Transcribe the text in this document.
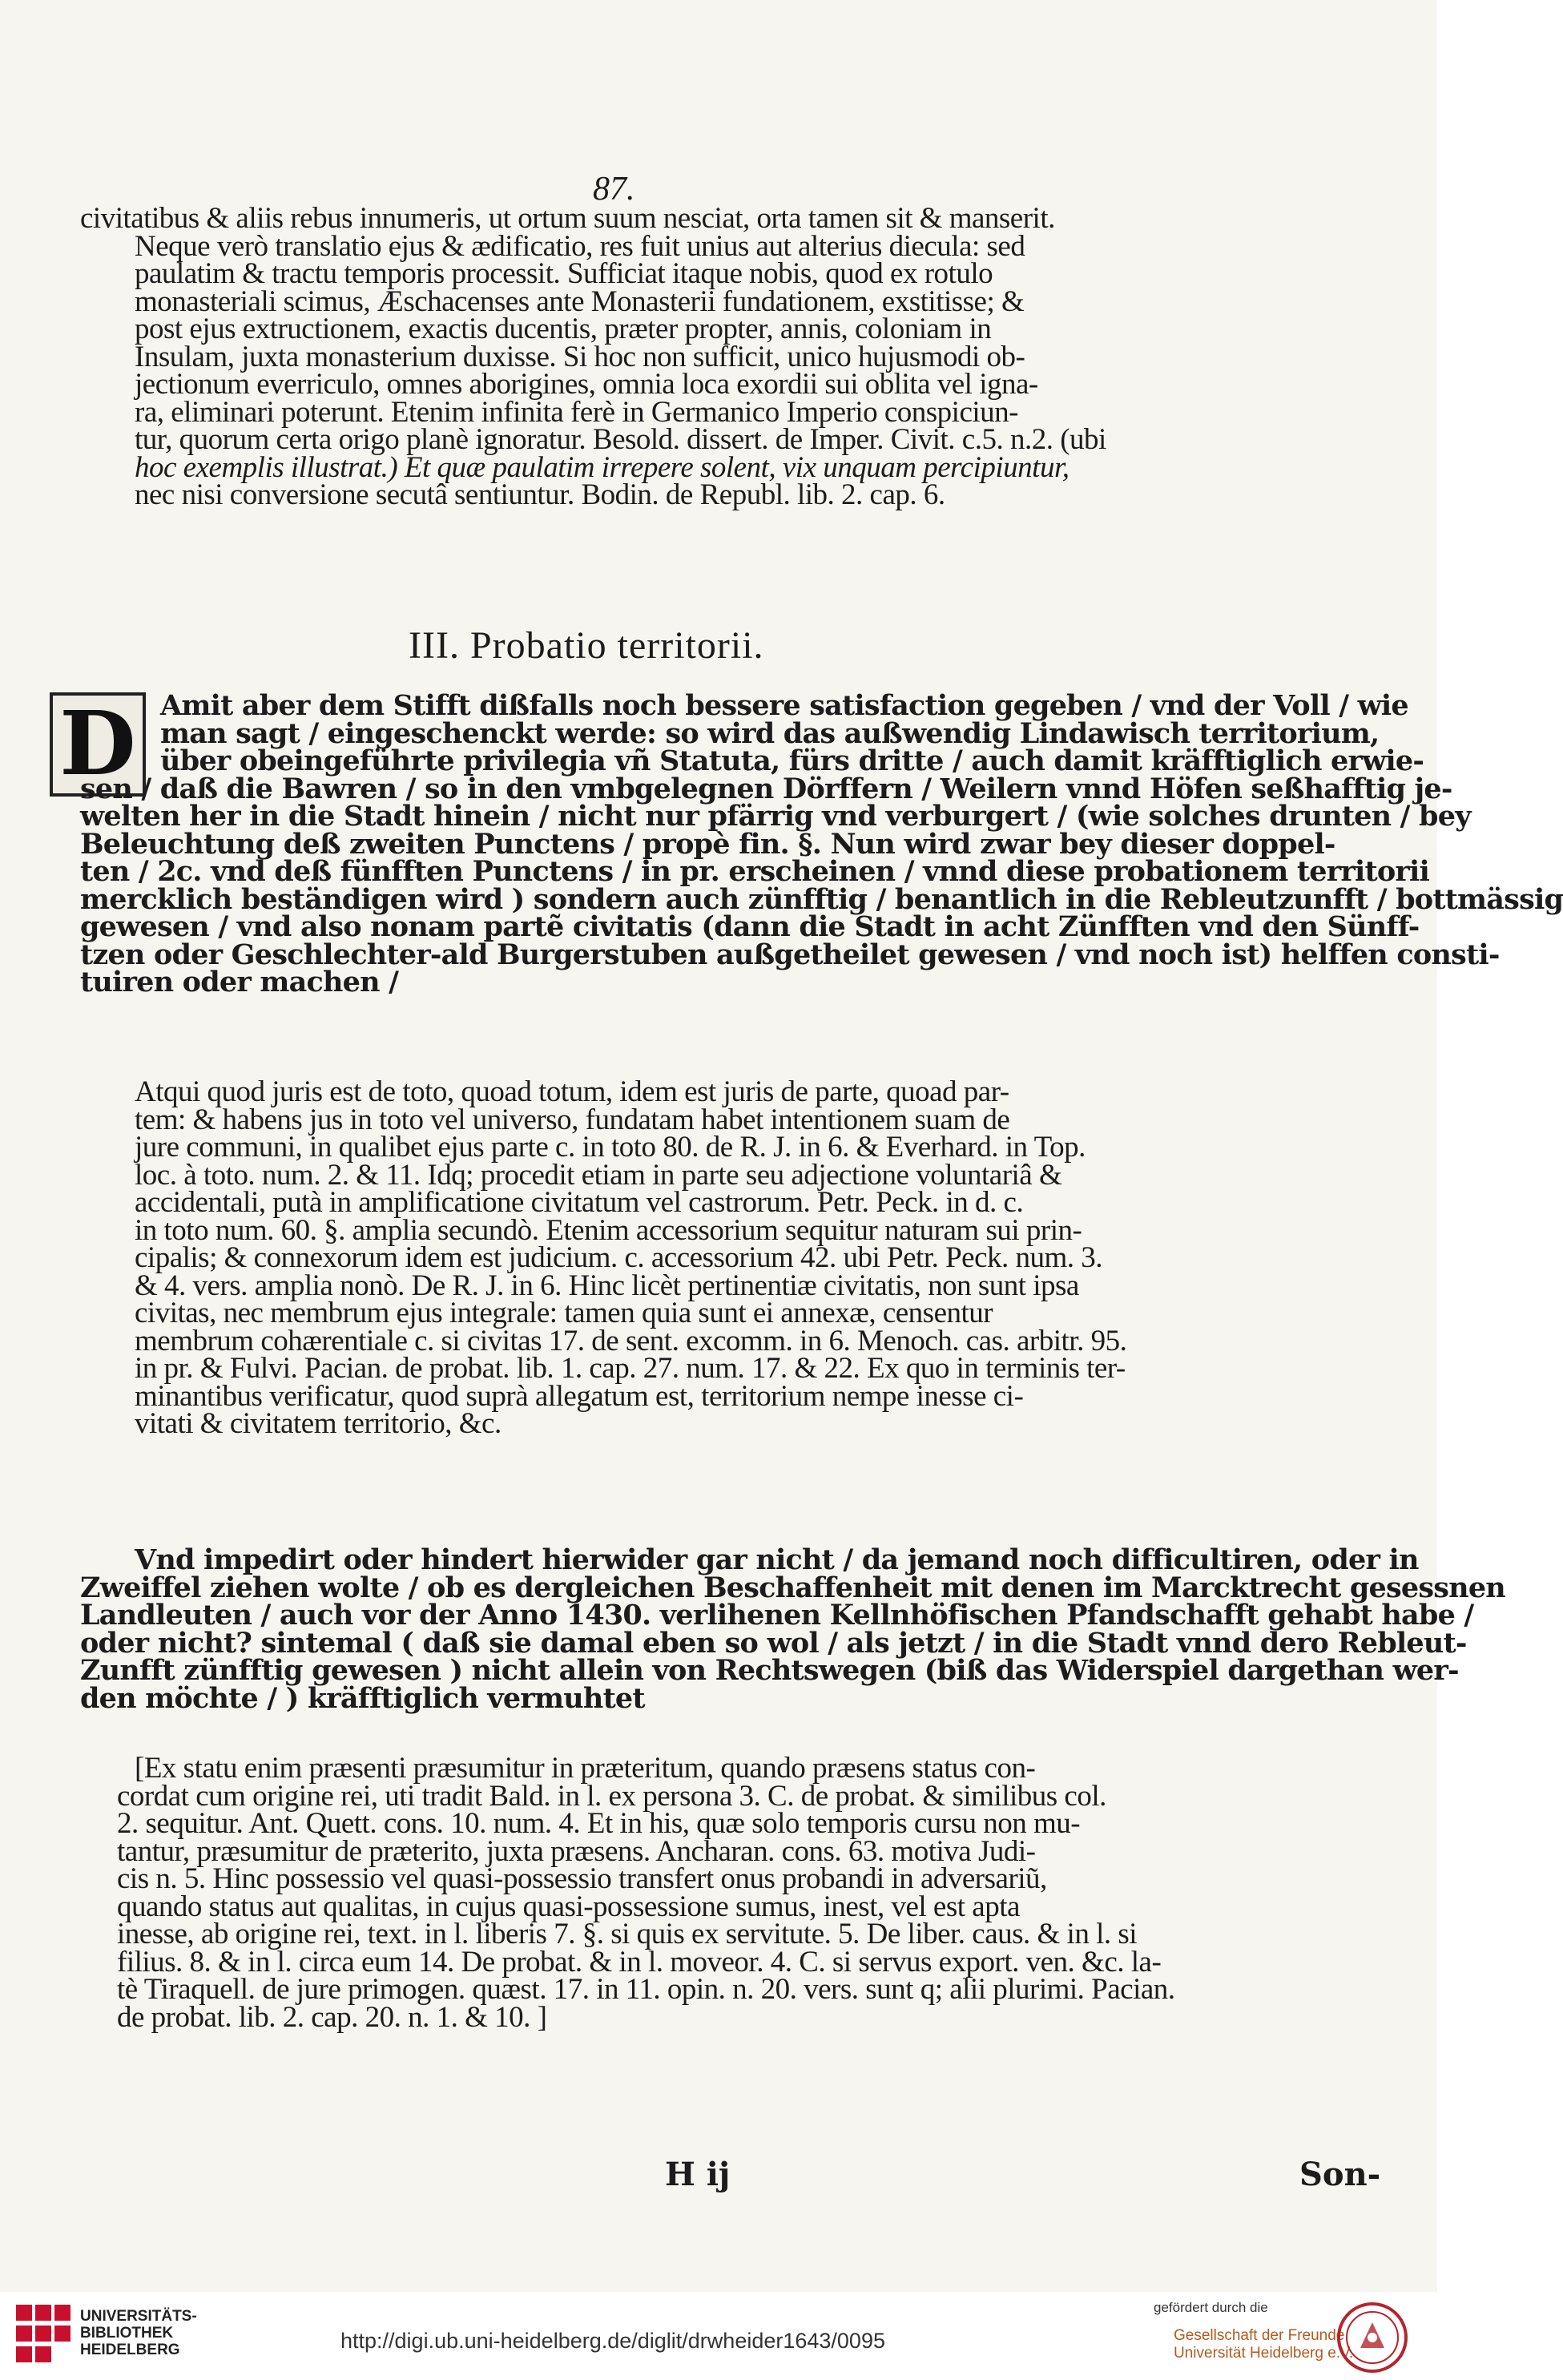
87.
civitatibus & aliis rebus innumeris, ut ortum suum nesciat, orta tamen sit & manserit.
Neque verò translatio ejus & ædificatio, res fuit unius aut alterius diecula: sed
paulatim & tractu temporis processit. Sufficiat itaque nobis, quod ex rotulo
monasteriali scimus, Æschacenses ante Monasterii fundationem, exstitisse; &
post ejus extructionem, exactis ducentis, præter propter, annis, coloniam in
Insulam, juxta monasterium duxisse. Si hoc non sufficit, unico hujusmodi ob-
jectionum everriculo, omnes aborigines, omnia loca exordii sui oblita vel igna-
ra, eliminari poterunt. Etenim infinita ferè in Germanico Imperio conspiciun-
tur, quorum certa origo planè ignoratur. Besold. dissert. de Imper. Civit. c.5. n.2. (ubi
hoc exemplis illustrat.) Et quæ paulatim irrepere solent, vix unquam percipiuntur,
nec nisi conversione secutâ sentiuntur. Bodin. de Republ. lib. 2. cap. 6.
III. Probatio territorii.
D Amit aber dem Stifft dißfalls noch bessere satisfaction gegeben / vnd der Voll / wie
man sagt / eingeschenckt werde: so wird das außwendig Lindawisch territorium,
über obeingeführte privilegia vñ Statuta, fürs dritte / auch damit kräfftiglich erwie-
sen / daß die Bawren / so in den vmbgelegnen Dörffern / Weilern vnnd Höfen seßhafftig je-
welten her in die Stadt hinein / nicht nur pfärrig vnd verburgert / (wie solches drunten / bey
Beleuchtung deß zweiten Punctens / propè fin. §. Nun wird zwar bey dieser doppel-
ten / 2c. vnd deß fünfften Punctens / in pr. erscheinen / vnnd diese probationem territorii
mercklich beständigen wird ) sondern auch zünfftig / benantlich in die Rebleutzunfft / bottmässig
gewesen / vnd also nonam partẽ civitatis (dann die Stadt in acht Zünfften vnd den Sünff-
tzen oder Geschlechter-ald Burgerstuben außgetheilet gewesen / vnd noch ist) helffen consti-
tuiren oder machen /
Atqui quod juris est de toto, quoad totum, idem est juris de parte, quoad par-
tem: & habens jus in toto vel universo, fundatam habet intentionem suam de
jure communi, in qualibet ejus parte c. in toto 80. de R. J. in 6. & Everhard. in Top.
loc. à toto. num. 2. & 11. Idq; procedit etiam in parte seu adjectione voluntariâ &
accidentali, putà in amplificatione civitatum vel castrorum. Petr. Peck. in d. c.
in toto num. 60. §. amplia secundò. Etenim accessorium sequitur naturam sui prin-
cipalis; & connexorum idem est judicium. c. accessorium 42. ubi Petr. Peck. num. 3.
& 4. vers. amplia nonò. De R. J. in 6. Hinc licèt pertinentiæ civitatis, non sunt ipsa
civitas, nec membrum ejus integrale: tamen quia sunt ei annexæ, censentur
membrum cohærentiale c. si civitas 17. de sent. excomm. in 6. Menoch. cas. arbitr. 95.
in pr. & Fulvi. Pacian. de probat. lib. 1. cap. 27. num. 17. & 22. Ex quo in terminis ter-
minantibus verificatur, quod suprà allegatum est, territorium nempe inesse ci-
vitati & civitatem territorio, &c.
Vnd impedirt oder hindert hierwider gar nicht / da jemand noch difficultiren, oder in
Zweiffel ziehen wolte / ob es dergleichen Beschaffenheit mit denen im Marcktrecht gesessnen
Landleuten / auch vor der Anno 1430. verlihenen Kellnhöfischen Pfandschafft gehabt habe /
oder nicht? sintemal ( daß sie damal eben so wol / als jetzt / in die Stadt vnnd dero Rebleut-
Zunfft zünfftig gewesen ) nicht allein von Rechtswegen (biß das Widerspiel dargethan wer-
den möchte / ) kräfftiglich vermuhtet
[Ex statu enim præsenti præsumitur in præteritum, quando præsens status con-
cordat cum origine rei, uti tradit Bald. in l. ex persona 3. C. de probat. & similibus col.
2. sequitur. Ant. Quett. cons. 10. num. 4. Et in his, quæ solo temporis cursu non mu-
tantur, præsumitur de præterito, juxta præsens. Ancharan. cons. 63. motiva Judi-
cis n. 5. Hinc possessio vel quasi-possessio transfert onus probandi in adversariũ,
quando status aut qualitas, in cujus quasi-possessione sumus, inest, vel est apta
inesse, ab origine rei, text. in l. liberis 7. §. si quis ex servitute. 5. De liber. caus. & in l. si
filius. 8. & in l. circa eum 14. De probat. & in l. moveor. 4. C. si servus export. ven. &c. la-
tè Tiraquell. de jure primogen. quæst. 17. in 11. opin. n. 20. vers. sunt q; alii plurimi. Pacian.
de probat. lib. 2. cap. 20. n. 1. & 10. ]
H ij	Son-
UNIVERSITÄTS-
BIBLIOTHEK
HEIDELBERG	http://digi.ub.uni-heidelberg.de/diglit/drwheider1643/0095
gefördert durch die
Gesellschaft der Freunde
Universität Heidelberg e.V.
